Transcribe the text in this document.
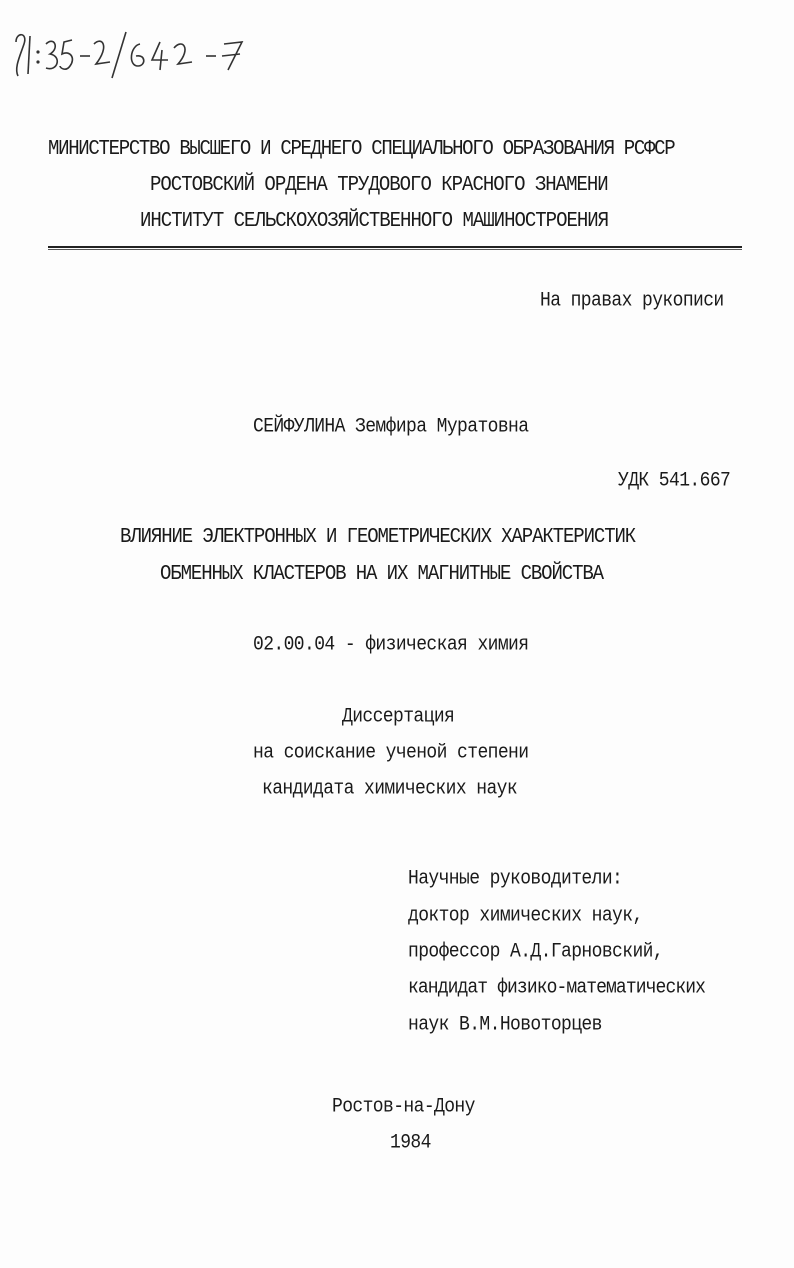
МИНИСТЕРСТВО ВЫСШЕГО И СРЕДНЕГО СПЕЦИАЛЬНОГО ОБРАЗОВАНИЯ РСФСР
РОСТОВСКИЙ ОРДЕНА ТРУДОВОГО КРАСНОГО ЗНАМЕНИ
ИНСТИТУТ СЕЛЬСКОХОЗЯЙСТВЕННОГО МАШИНОСТРОЕНИЯ
На правах рукописи
СЕЙФУЛИНА Земфира Муратовна
УДК 541.667
ВЛИЯНИЕ ЭЛЕКТРОННЫХ И ГЕОМЕТРИЧЕСКИХ ХАРАКТЕРИСТИК
ОБМЕННЫХ КЛАСТЕРОВ НА ИХ МАГНИТНЫЕ СВОЙСТВА
02.00.04 - физическая химия
Диссертация
на соискание ученой степени
кандидата химических наук
Научные руководители:
доктор химических наук,
профессор А.Д.Гарновский,
кандидат физико-математических
наук В.М.Новоторцев
Ростов-на-Дону
1984
